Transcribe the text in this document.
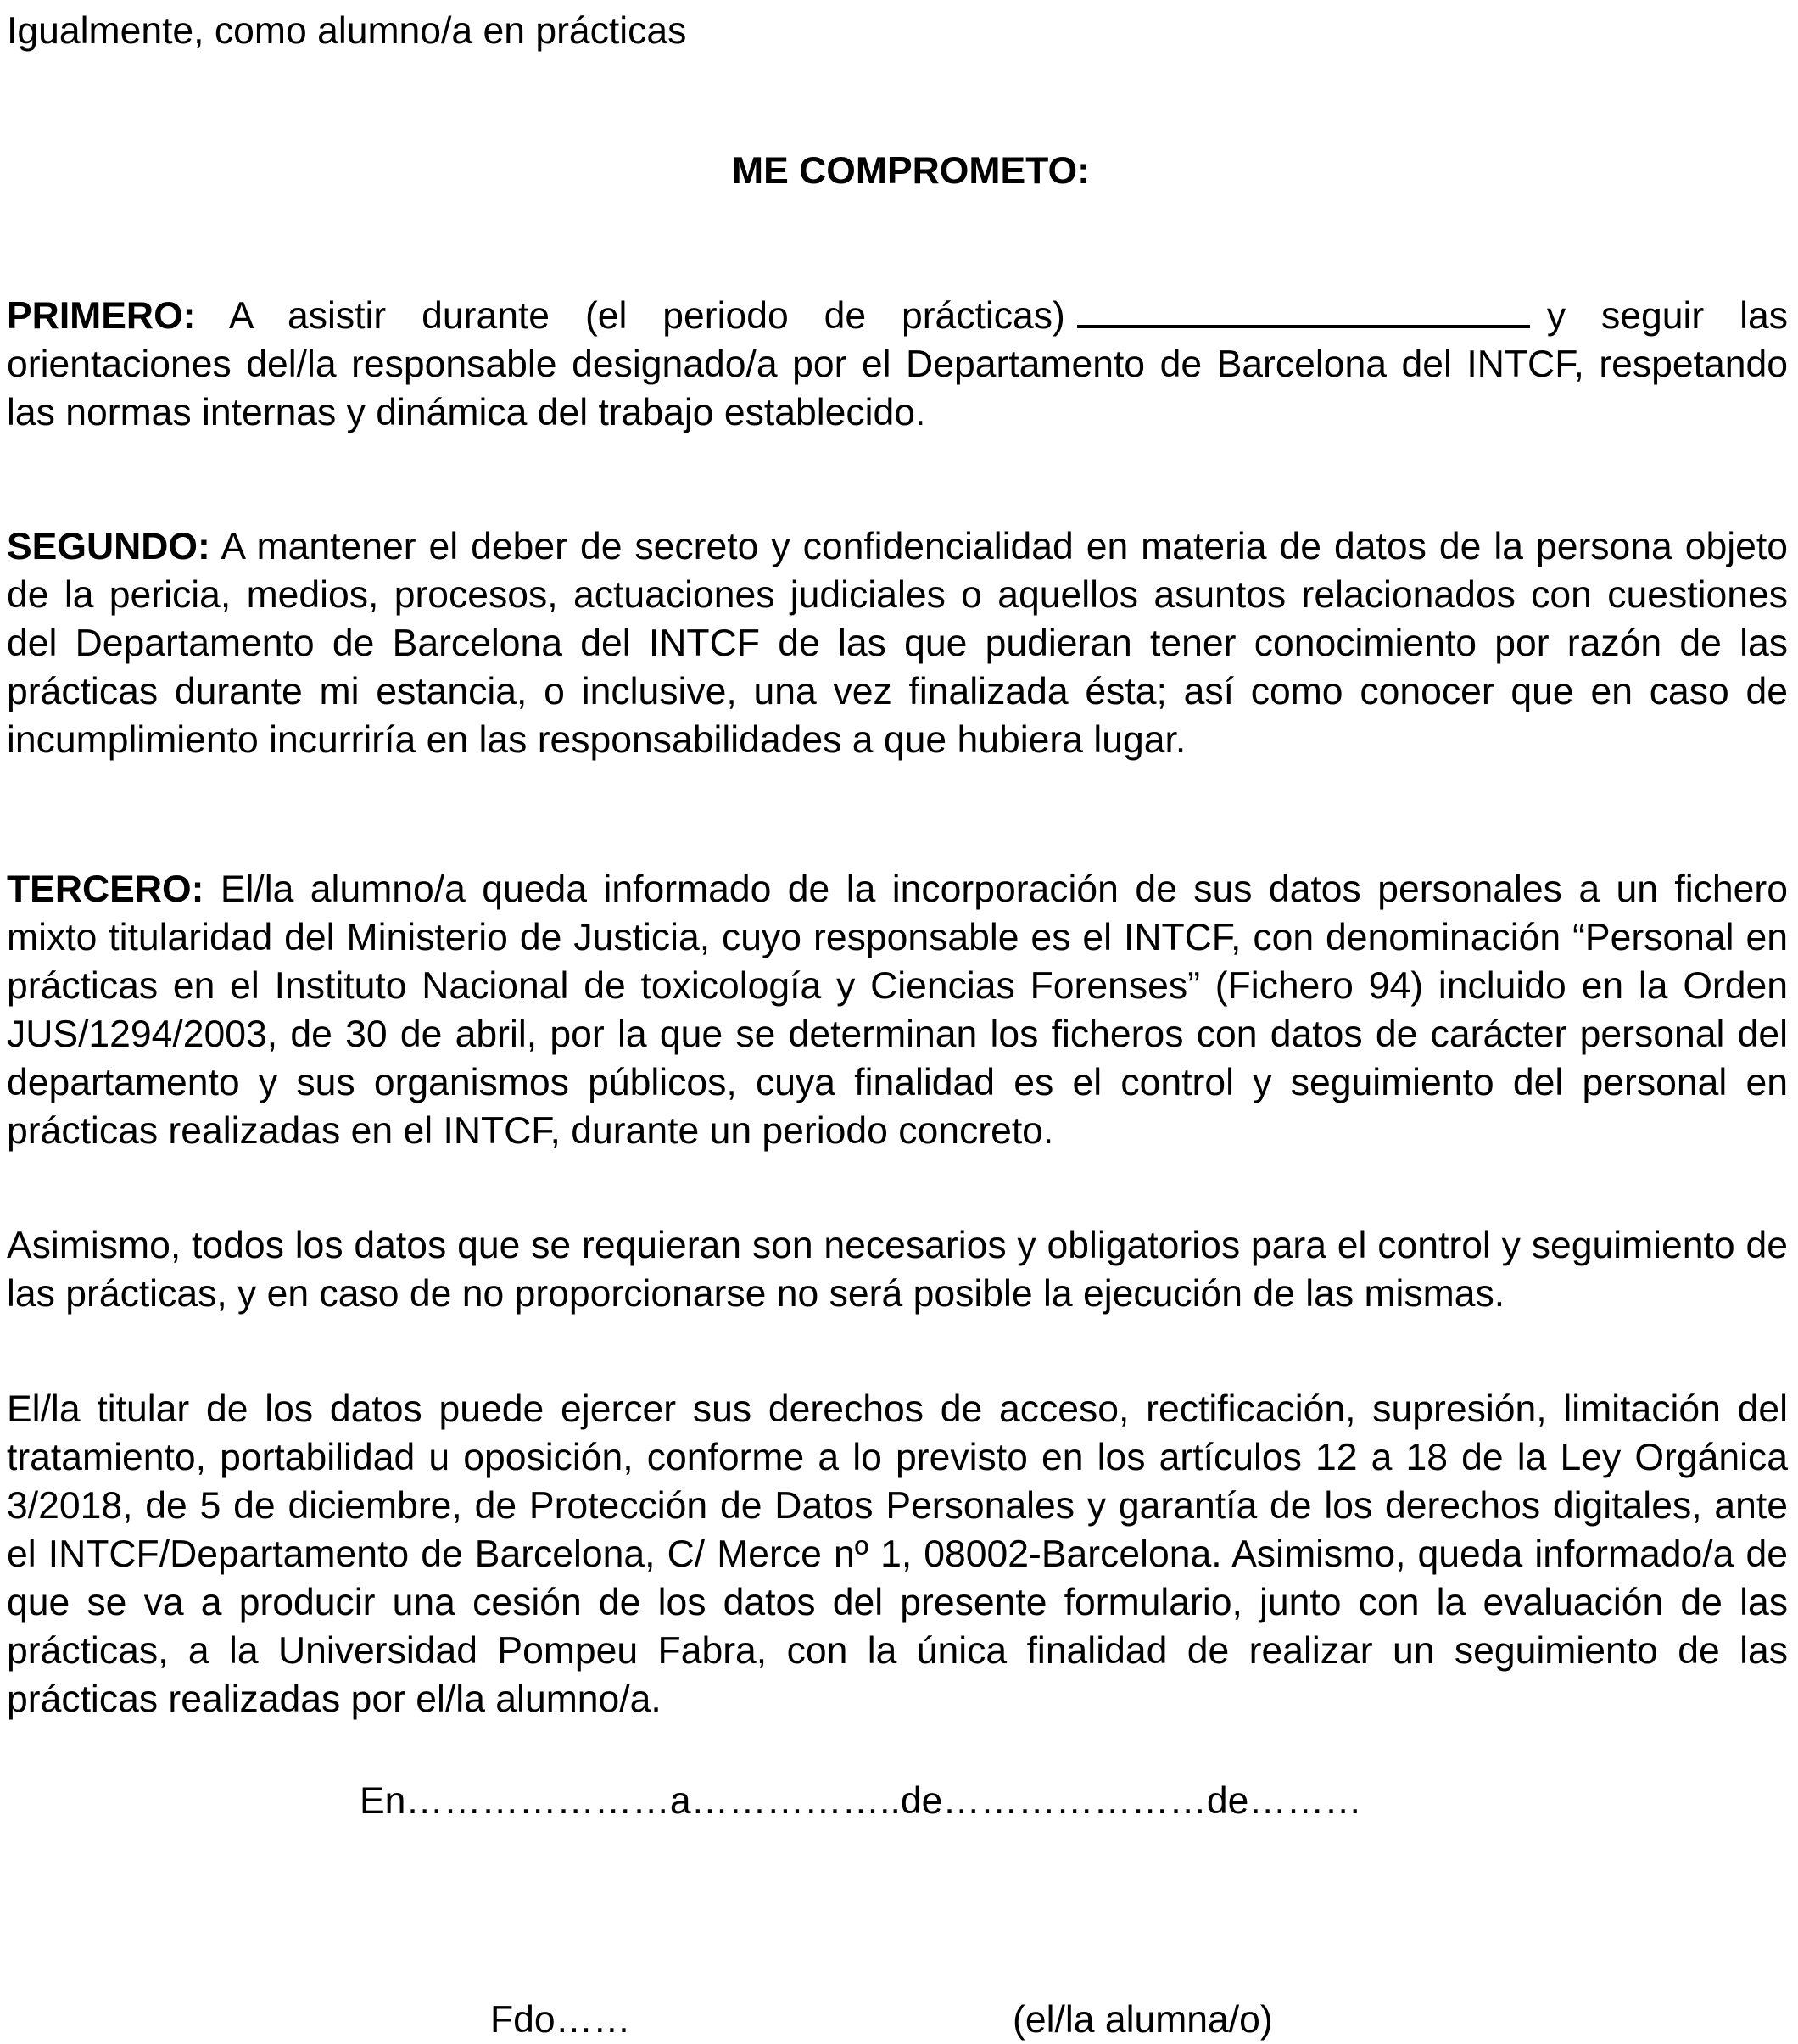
Igualmente, como alumno/a en prácticas
ME COMPROMETO:

PRIMERO: A asistir durante (el periodo de prácticas)	y seguir las orientaciones del/la responsable designado/a por el Departamento de Barcelona del INTCF, respetando las normas internas y dinámica del trabajo establecido.

SEGUNDO: A mantener el deber de secreto y confidencialidad en materia de datos de la persona objeto de la pericia, medios, procesos, actuaciones judiciales o aquellos asuntos relacionados con cuestiones del Departamento de Barcelona del INTCF de las que pudieran tener conocimiento por razón de las prácticas durante mi estancia, o inclusive, una vez finalizada ésta; así como conocer que en caso de incumplimiento incurriría en las responsabilidades a que hubiera lugar.

TERCERO: El/la alumno/a queda informado de la incorporación de sus datos personales a un fichero mixto titularidad del Ministerio de Justicia, cuyo responsable es el INTCF, con denominación “Personal en prácticas en el Instituto Nacional de toxicología y Ciencias Forenses” (Fichero 94) incluido en la Orden JUS/1294/2003, de 30 de abril, por la que se determinan los ficheros con datos de carácter personal del departamento y sus organismos públicos, cuya finalidad es el control y seguimiento del personal en prácticas realizadas en el INTCF, durante un periodo concreto.

Asimismo, todos los datos que se requieran son necesarios y obligatorios para el control y seguimiento de las prácticas, y en caso de no proporcionarse no será posible la ejecución de las mismas.

El/la titular de los datos puede ejercer sus derechos de acceso, rectificación, supresión, limitación del tratamiento, portabilidad u oposición, conforme a lo previsto en los artículos 12 a 18 de la Ley Orgánica 3/2018, de 5 de diciembre, de Protección de Datos Personales y garantía de los derechos digitales, ante el INTCF/Departamento de Barcelona, C/ Merce nº 1, 08002-Barcelona. Asimismo, queda informado/a de que se va a producir una cesión de los datos del presente formulario, junto con la evaluación de las prácticas, a la Universidad Pompeu Fabra, con la única finalidad de realizar un seguimiento de las prácticas realizadas por el/la alumno/a.

En…………………a……………..de…………………de………
Fdo……	(el/la alumna/o)
